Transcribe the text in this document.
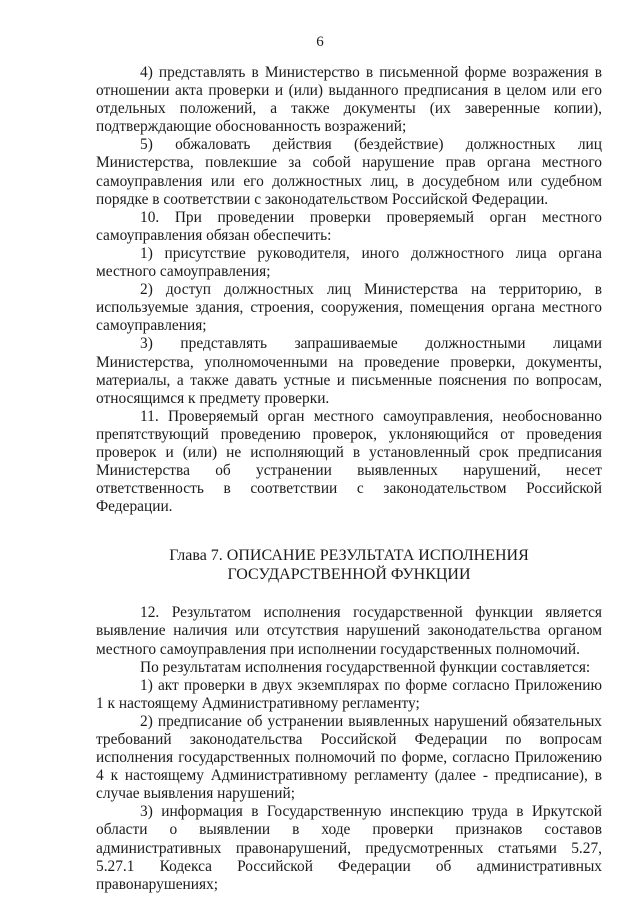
6

4) представлять в Министерство в письменной форме возражения в отношении акта проверки и (или) выданного предписания в целом или его отдельных положений, а также документы (их заверенные копии), подтверждающие обоснованность возражений;

5) обжаловать действия (бездействие) должностных лиц Министерства, повлекшие за собой нарушение прав органа местного самоуправления или его должностных лиц, в досудебном или судебном порядке в соответствии с законодательством Российской Федерации.

10. При проведении проверки проверяемый орган местного самоуправления обязан обеспечить:

1) присутствие руководителя, иного должностного лица органа местного самоуправления;

2) доступ должностных лиц Министерства на территорию, в используемые здания, строения, сооружения, помещения органа местного самоуправления;

3) представлять запрашиваемые должностными лицами Министерства, уполномоченными на проведение проверки, документы, материалы, а также давать устные и письменные пояснения по вопросам, относящимся к предмету проверки.

11. Проверяемый орган местного самоуправления, необоснованно препятствующий проведению проверок, уклоняющийся от проведения проверок и (или) не исполняющий в установленный срок предписания Министерства об устранении выявленных нарушений, несет ответственность в соответствии с законодательством Российской Федерации.

Глава 7. ОПИСАНИЕ РЕЗУЛЬТАТА ИСПОЛНЕНИЯ
ГОСУДАРСТВЕННОЙ ФУНКЦИИ

12. Результатом исполнения государственной функции является выявление наличия или отсутствия нарушений законодательства органом местного самоуправления при исполнении государственных полномочий.

По результатам исполнения государственной функции составляется:

1) акт проверки в двух экземплярах по форме согласно Приложению 1 к настоящему Административному регламенту;

2) предписание об устранении выявленных нарушений обязательных требований законодательства Российской Федерации по вопросам исполнения государственных полномочий по форме, согласно Приложению 4 к настоящему Административному регламенту (далее - предписание), в случае выявления нарушений;

3) информация в Государственную инспекцию труда в Иркутской области о выявлении в ходе проверки признаков составов административных правонарушений, предусмотренных статьями 5.27, 5.27.1 Кодекса Российской Федерации об административных правонарушениях;
